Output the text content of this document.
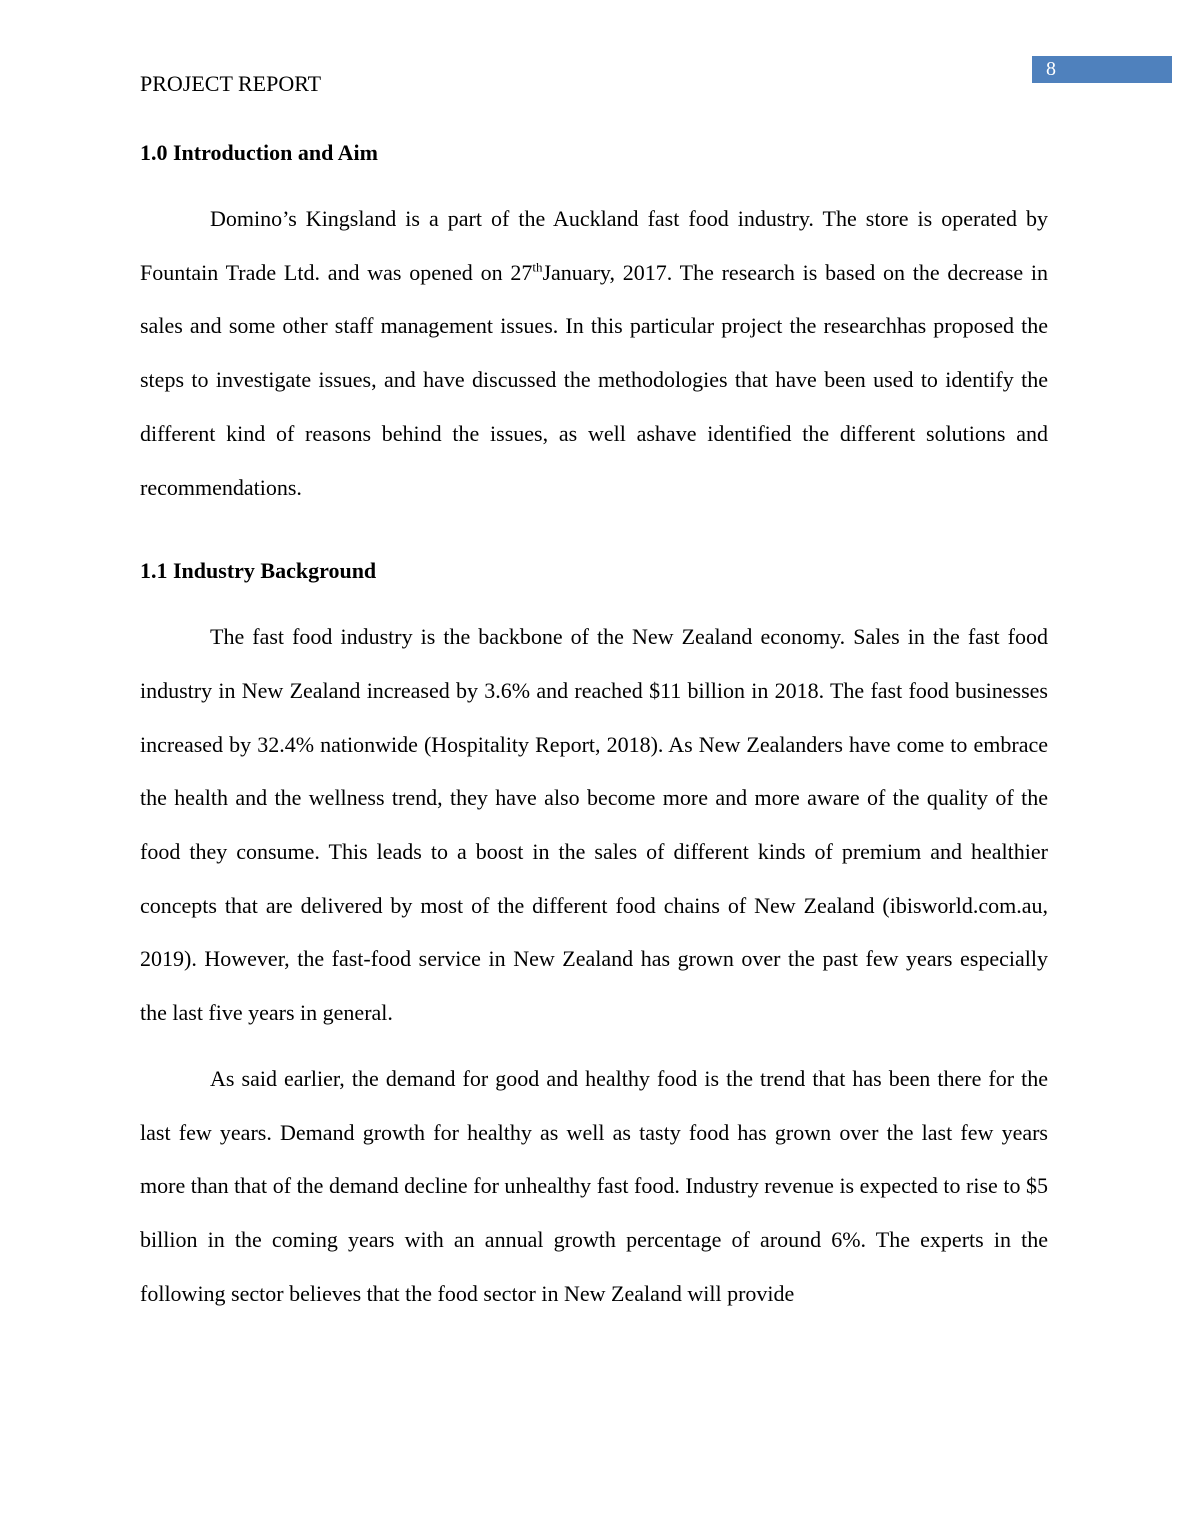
8

PROJECT REPORT

1.0 Introduction and Aim

Domino’s Kingsland is a part of the Auckland fast food industry. The store is operated by Fountain Trade Ltd. and was opened on 27thJanuary, 2017. The research is based on the decrease in sales and some other staff management issues. In this particular project the researchhas proposed the steps to investigate issues, and have discussed the methodologies that have been used to identify the different kind of reasons behind the issues, as well ashave identified the different solutions and recommendations.

1.1 Industry Background

The fast food industry is the backbone of the New Zealand economy. Sales in the fast food industry in New Zealand increased by 3.6% and reached $11 billion in 2018. The fast food businesses increased by 32.4% nationwide (Hospitality Report, 2018). As New Zealanders have come to embrace the health and the wellness trend, they have also become more and more aware of the quality of the food they consume. This leads to a boost in the sales of different kinds of premium and healthier concepts that are delivered by most of the different food chains of New Zealand (ibisworld.com.au, 2019). However, the fast-food service in New Zealand has grown over the past few years especially the last five years in general.

As said earlier, the demand for good and healthy food is the trend that has been there for the last few years. Demand growth for healthy as well as tasty food has grown over the last few years more than that of the demand decline for unhealthy fast food. Industry revenue is expected to rise to $5 billion in the coming years with an annual growth percentage of around 6%. The experts in the following sector believes that the food sector in New Zealand will provide
